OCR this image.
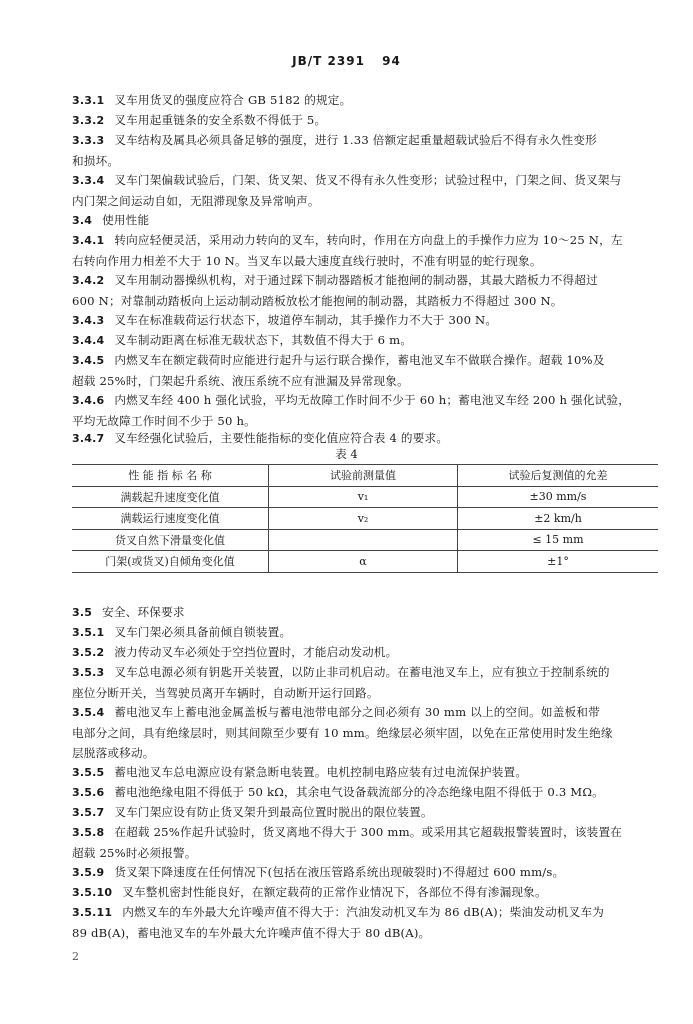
JB/T 2391 94
3.3.1 叉车用货叉的强度应符合 GB 5182 的规定。
3.3.2 叉车用起重链条的安全系数不得低于 5。
3.3.3 叉车结构及属具必须具备足够的强度，进行 1.33 倍额定起重量超载试验后不得有永久性变形
和损坏。
3.3.4 叉车门架偏载试验后，门架、货叉架、货叉不得有永久性变形；试验过程中，门架之间、货叉架与
内门架之间运动自如，无阻滞现象及异常响声。
3.4 使用性能
3.4.1 转向应轻便灵活，采用动力转向的叉车，转向时，作用在方向盘上的手操作力应为 10～25 N，左
右转向作用力相差不大于 10 N。当叉车以最大速度直线行驶时，不准有明显的蛇行现象。
3.4.2 叉车用制动器操纵机构，对于通过踩下制动器踏板才能抱闸的制动器，其最大踏板力不得超过
600 N；对靠制动踏板向上运动制动踏板放松才能抱闸的制动器，其踏板力不得超过 300 N。
3.4.3 叉车在标准载荷运行状态下，坡道停车制动，其手操作力不大于 300 N。
3.4.4 叉车制动距离在标准无载状态下，其数值不得大于 6 m。
3.4.5 内燃叉车在额定载荷时应能进行起升与运行联合操作，蓄电池叉车不做联合操作。超载 10%及
超载 25%时，门架起升系统、液压系统不应有泄漏及异常现象。
3.4.6 内燃叉车经 400 h 强化试验，平均无故障工作时间不少于 60 h；蓄电池叉车经 200 h 强化试验，
平均无故障工作时间不少于 50 h。
3.4.7 叉车经强化试验后，主要性能指标的变化值应符合表 4 的要求。
表 4
性 能 指 标 名 称	试验前测量值	试验后复测值的允差
满载起升速度变化值	v₁	±30 mm/s
满载运行速度变化值	v₂	±2 km/h
货叉自然下滑量变化值		≤ 15 mm
门架(或货叉)自倾角变化值	α	±1°
3.5 安全、环保要求
3.5.1 叉车门架必须具备前倾自锁装置。
3.5.2 液力传动叉车必须处于空挡位置时，才能启动发动机。
3.5.3 叉车总电源必须有钥匙开关装置，以防止非司机启动。在蓄电池叉车上，应有独立于控制系统的
座位分断开关，当驾驶员离开车辆时，自动断开运行回路。
3.5.4 蓄电池叉车上蓄电池金属盖板与蓄电池带电部分之间必须有 30 mm 以上的空间。如盖板和带
电部分之间，具有绝缘层时，则其间隙至少要有 10 mm。绝缘层必须牢固，以免在正常使用时发生绝缘
层脱落或移动。
3.5.5 蓄电池叉车总电源应设有紧急断电装置。电机控制电路应装有过电流保护装置。
3.5.6 蓄电池绝缘电阻不得低于 50 kΩ，其余电气设备载流部分的冷态绝缘电阻不得低于 0.3 MΩ。
3.5.7 叉车门架应设有防止货叉架升到最高位置时脱出的限位装置。
3.5.8 在超载 25%作起升试验时，货叉离地不得大于 300 mm。或采用其它超载报警装置时，该装置在
超载 25%时必须报警。
3.5.9 货叉架下降速度在任何情况下(包括在液压管路系统出现破裂时)不得超过 600 mm/s。
3.5.10 叉车整机密封性能良好，在额定载荷的正常作业情况下，各部位不得有渗漏现象。
3.5.11 内燃叉车的车外最大允许噪声值不得大于：汽油发动机叉车为 86 dB(A)；柴油发动机叉车为
89 dB(A)，蓄电池叉车的车外最大允许噪声值不得大于 80 dB(A)。
2
